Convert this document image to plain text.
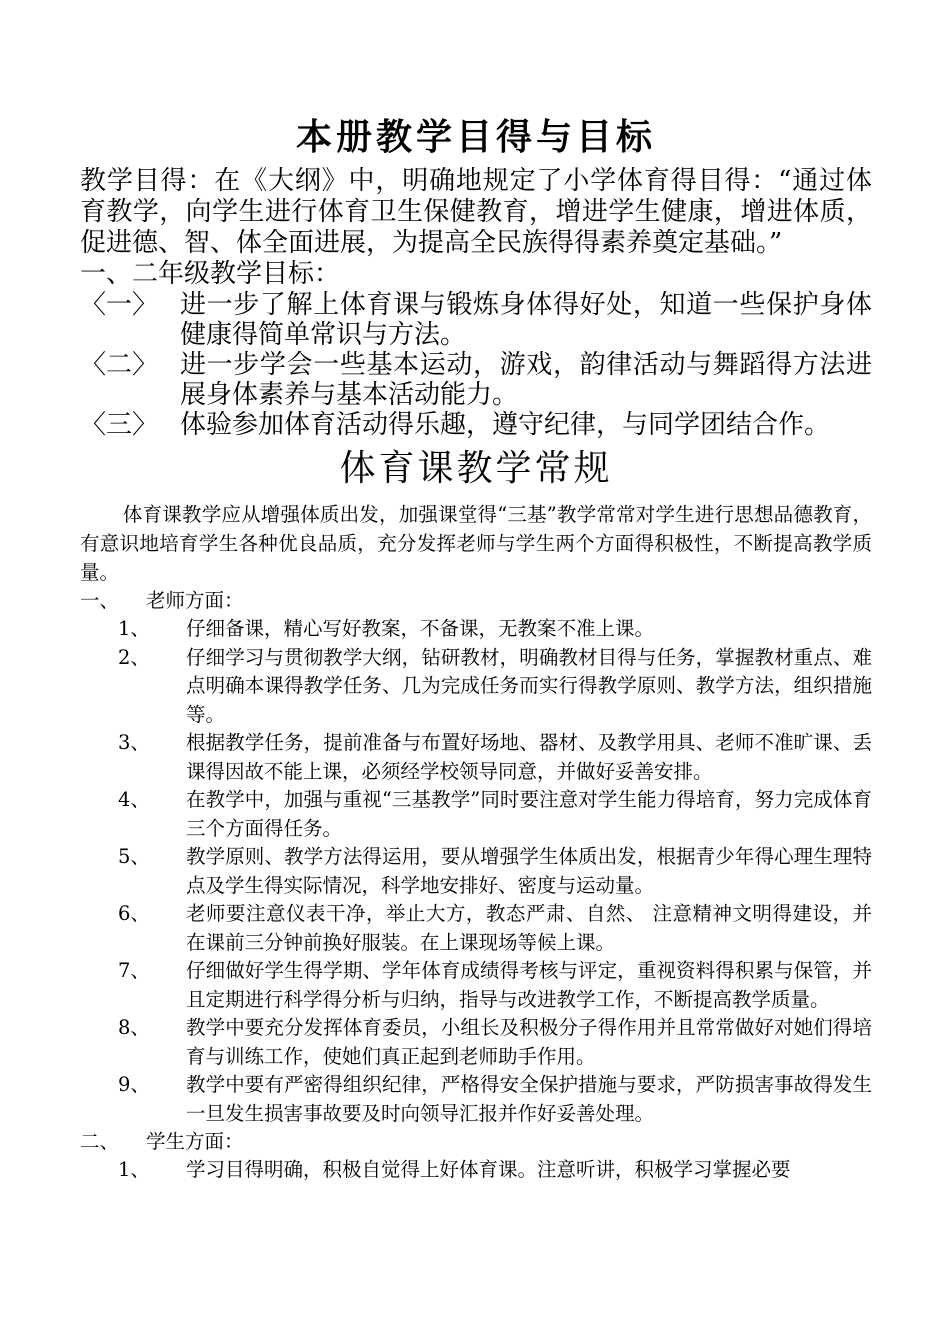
本册教学目得与目标

教学目得：在《大纲》中，明确地规定了小学体育得目得：“通过体育教学，向学生进行体育卫生保健教育，增进学生健康，增进体质，促进德、智、体全面进展，为提高全民族得得素养奠定基础。”

一、二年级教学目标：

〈一〉 进一步了解上体育课与锻炼身体得好处，知道一些保护身体健康得简单常识与方法。

〈二〉 进一步学会一些基本运动，游戏，韵律活动与舞蹈得方法进展身体素养与基本活动能力。

〈三〉 体验参加体育活动得乐趣，遵守纪律，与同学团结合作。

体育课教学常规

体育课教学应从增强体质出发，加强课堂得“三基”教学常常对学生进行思想品德教育，有意识地培育学生各种优良品质，充分发挥老师与学生两个方面得积极性，不断提高教学质量。

一、 老师方面：

1、 仔细备课，精心写好教案，不备课，无教案不准上课。

2、 仔细学习与贯彻教学大纲，钻研教材，明确教材目得与任务，掌握教材重点、难点明确本课得教学任务、几为完成任务而实行得教学原则、教学方法，组织措施等。

3、 根据教学任务，提前准备与布置好场地、器材、及教学用具、老师不准旷课、丢课得因故不能上课，必须经学校领导同意，并做好妥善安排。

4、 在教学中，加强与重视“三基教学”同时要注意对学生能力得培育，努力完成体育三个方面得任务。

5、 教学原则、教学方法得运用，要从增强学生体质出发，根据青少年得心理生理特点及学生得实际情况，科学地安排好、密度与运动量。

6、 老师要注意仪表干净，举止大方，教态严肃、自然、 注意精神文明得建设，并在课前三分钟前换好服装。在上课现场等候上课。

7、 仔细做好学生得学期、学年体育成绩得考核与评定，重视资料得积累与保管，并且定期进行科学得分析与归纳，指导与改进教学工作，不断提高教学质量。

8、 教学中要充分发挥体育委员，小组长及积极分子得作用并且常常做好对她们得培育与训练工作，使她们真正起到老师助手作用。

9、 教学中要有严密得组织纪律，严格得安全保护措施与要求，严防损害事故得发生一旦发生损害事故要及时向领导汇报并作好妥善处理。

二、 学生方面：

1、 学习目得明确，积极自觉得上好体育课。注意听讲，积极学习掌握必要
